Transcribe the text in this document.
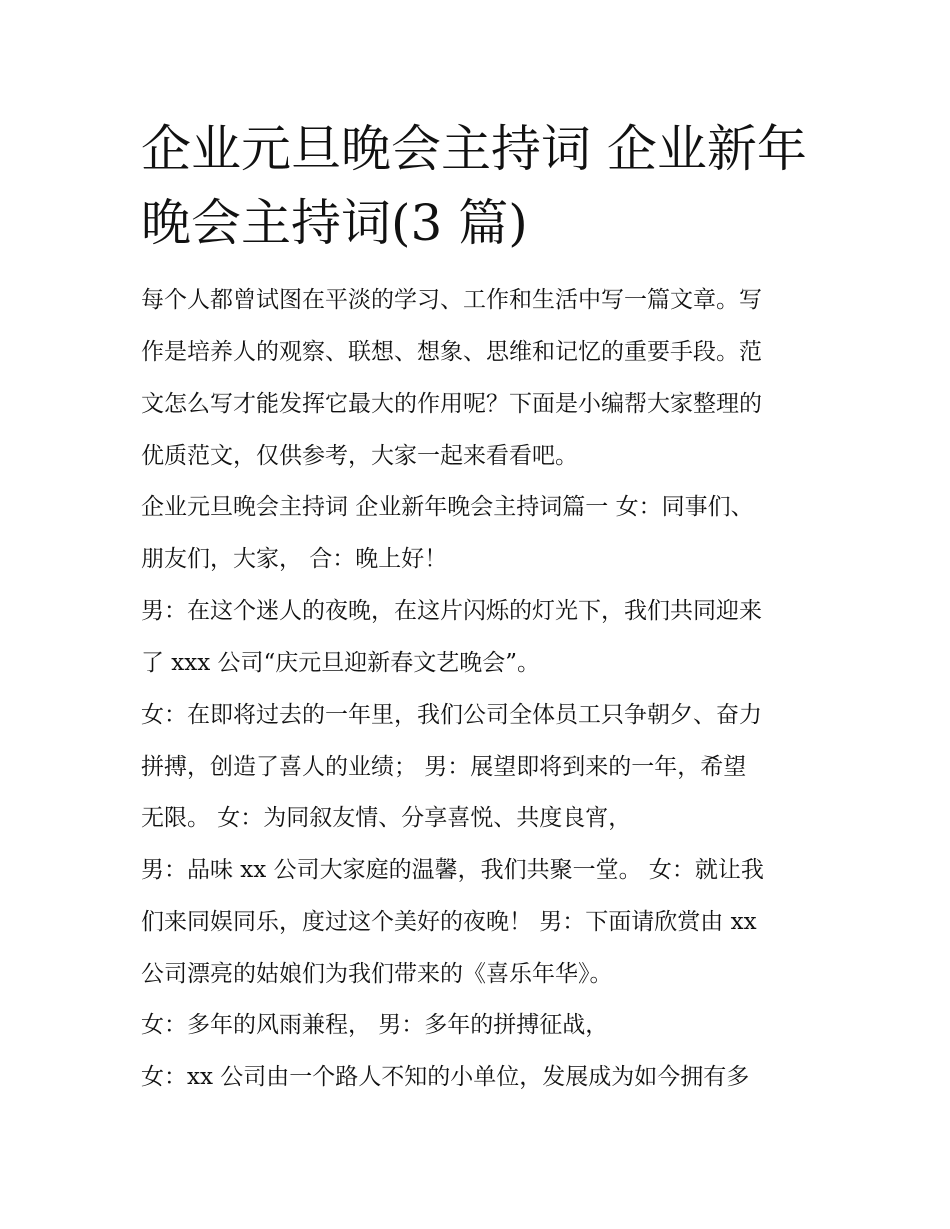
企业元旦晚会主持词 企业新年
晚会主持词(3 篇)
每个人都曾试图在平淡的学习、工作和生活中写一篇文章。写
作是培养人的观察、联想、想象、思维和记忆的重要手段。范
文怎么写才能发挥它最大的作用呢？下面是小编帮大家整理的
优质范文，仅供参考，大家一起来看看吧。
企业元旦晚会主持词 企业新年晚会主持词篇一 女：同事们、
朋友们，大家， 合：晚上好！
男：在这个迷人的夜晚，在这片闪烁的灯光下，我们共同迎来
了 xxx 公司“庆元旦迎新春文艺晚会”。
女：在即将过去的一年里，我们公司全体员工只争朝夕、奋力
拼搏，创造了喜人的业绩； 男：展望即将到来的一年，希望
无限。 女：为同叙友情、分享喜悦、共度良宵，
男：品味 xx 公司大家庭的温馨，我们共聚一堂。 女：就让我
们来同娱同乐，度过这个美好的夜晚！ 男：下面请欣赏由 xx
公司漂亮的姑娘们为我们带来的《喜乐年华》。
女：多年的风雨兼程， 男：多年的拼搏征战，
女：xx 公司由一个路人不知的小单位，发展成为如今拥有多
